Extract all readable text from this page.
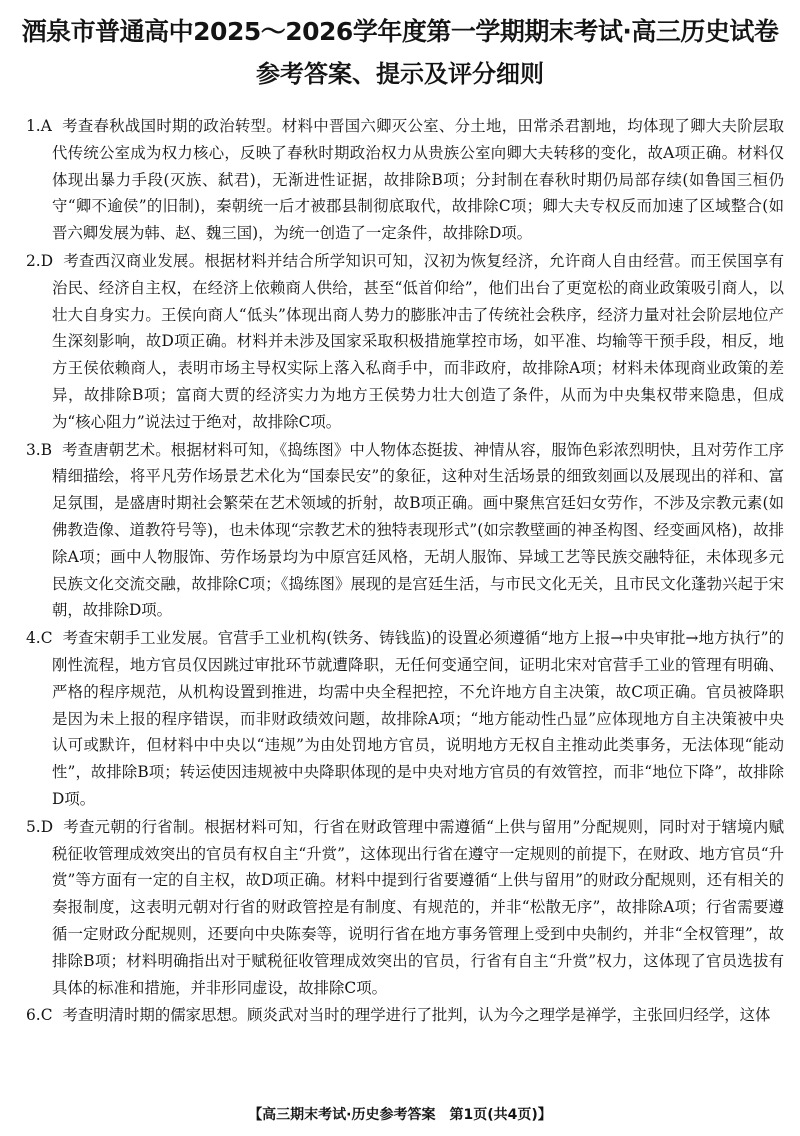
酒泉市普通高中2025～2026学年度第一学期期末考试·高三历史试卷
参考答案、提示及评分细则

1.A 考查春秋战国时期的政治转型。材料中晋国六卿灭公室、分土地，田常杀君割地，均体现了卿大夫阶层取代传统公室成为权力核心，反映了春秋时期政治权力从贵族公室向卿大夫转移的变化，故A项正确。材料仅体现出暴力手段(灭族、弑君)，无渐进性证据，故排除B项；分封制在春秋时期仍局部存续(如鲁国三桓仍守“卿不逾侯”的旧制)，秦朝统一后才被郡县制彻底取代，故排除C项；卿大夫专权反而加速了区域整合(如晋六卿发展为韩、赵、魏三国)，为统一创造了一定条件，故排除D项。

2.D 考查西汉商业发展。根据材料并结合所学知识可知，汉初为恢复经济，允许商人自由经营。而王侯国享有治民、经济自主权，在经济上依赖商人供给，甚至“低首仰给”，他们出台了更宽松的商业政策吸引商人，以壮大自身实力。王侯向商人“低头”体现出商人势力的膨胀冲击了传统社会秩序，经济力量对社会阶层地位产生深刻影响，故D项正确。材料并未涉及国家采取积极措施掌控市场，如平准、均输等干预手段，相反，地方王侯依赖商人，表明市场主导权实际上落入私商手中，而非政府，故排除A项；材料未体现商业政策的差异，故排除B项；富商大贾的经济实力为地方王侯势力壮大创造了条件，从而为中央集权带来隐患，但成为“核心阻力”说法过于绝对，故排除C项。

3.B 考查唐朝艺术。根据材料可知，《捣练图》中人物体态挺拔、神情从容，服饰色彩浓烈明快，且对劳作工序精细描绘，将平凡劳作场景艺术化为“国泰民安”的象征，这种对生活场景的细致刻画以及展现出的祥和、富足氛围，是盛唐时期社会繁荣在艺术领域的折射，故B项正确。画中聚焦宫廷妇女劳作，不涉及宗教元素(如佛教造像、道教符号等)，也未体现“宗教艺术的独特表现形式”(如宗教壁画的神圣构图、经变画风格)，故排除A项；画中人物服饰、劳作场景均为中原宫廷风格，无胡人服饰、异域工艺等民族交融特征，未体现多元民族文化交流交融，故排除C项；《捣练图》展现的是宫廷生活，与市民文化无关，且市民文化蓬勃兴起于宋朝，故排除D项。

4.C 考查宋朝手工业发展。官营手工业机构(铁务、铸钱监)的设置必须遵循“地方上报→中央审批→地方执行”的刚性流程，地方官员仅因跳过审批环节就遭降职，无任何变通空间，证明北宋对官营手工业的管理有明确、严格的程序规范，从机构设置到推进，均需中央全程把控，不允许地方自主决策，故C项正确。官员被降职是因为未上报的程序错误，而非财政绩效问题，故排除A项；“地方能动性凸显”应体现地方自主决策被中央认可或默许，但材料中中央以“违规”为由处罚地方官员，说明地方无权自主推动此类事务，无法体现“能动性”，故排除B项；转运使因违规被中央降职体现的是中央对地方官员的有效管控，而非“地位下降”，故排除D项。

5.D 考查元朝的行省制。根据材料可知，行省在财政管理中需遵循“上供与留用”分配规则，同时对于辖境内赋税征收管理成效突出的官员有权自主“升赏”，这体现出行省在遵守一定规则的前提下，在财政、地方官员“升赏”等方面有一定的自主权，故D项正确。材料中提到行省要遵循“上供与留用”的财政分配规则，还有相关的奏报制度，这表明元朝对行省的财政管控是有制度、有规范的，并非“松散无序”，故排除A项；行省需要遵循一定财政分配规则，还要向中央陈奏等，说明行省在地方事务管理上受到中央制约，并非“全权管理”，故排除B项；材料明确指出对于赋税征收管理成效突出的官员，行省有自主“升赏”权力，这体现了官员选拔有具体的标准和措施，并非形同虚设，故排除C项。

6.C 考查明清时期的儒家思想。顾炎武对当时的理学进行了批判，认为今之理学是禅学，主张回归经学，这体

【高三期末考试·历史参考答案　第1页(共4页)】
